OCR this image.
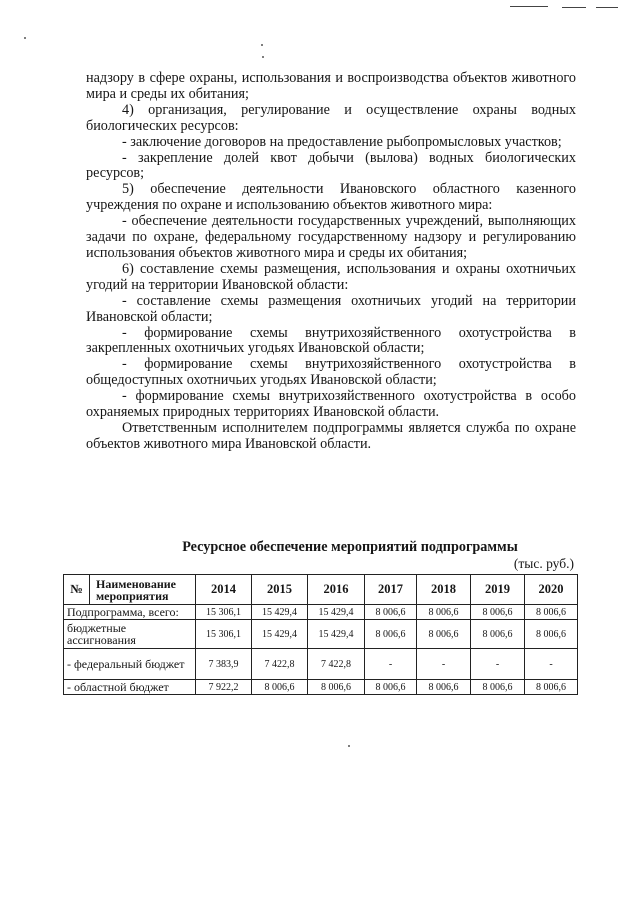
надзору в сфере охраны, использования и воспроизводства объектов животного мира и среды их обитания;

4) организация, регулирование и осуществление охраны водных биологических ресурсов:

- заключение договоров на предоставление рыбопромысловых участков;

- закрепление долей квот добычи (вылова) водных биологических ресурсов;

5) обеспечение деятельности Ивановского областного казенного учреждения по охране и использованию объектов животного мира:

- обеспечение деятельности государственных учреждений, выполняющих задачи по охране, федеральному государственному надзору и регулированию использования объектов животного мира и среды их обитания;

6) составление схемы размещения, использования и охраны охотничьих угодий на территории Ивановской области:

- составление схемы размещения охотничьих угодий на территории Ивановской области;

- формирование схемы внутрихозяйственного охотустройства в закрепленных охотничьих угодьях Ивановской области;

- формирование схемы внутрихозяйственного охотустройства в общедоступных охотничьих угодьях Ивановской области;

- формирование схемы внутрихозяйственного охотустройства в особо охраняемых природных территориях Ивановской области.

Ответственным исполнителем подпрограммы является служба по охране объектов животного мира Ивановской области.

Ресурсное обеспечение мероприятий подпрограммы

(тыс. руб.)
№	Наименование мероприятия	2014	2015	2016	2017	2018	2019	2020
Подпрограмма, всего:		15 306,1	15 429,4	15 429,4	8 006,6	8 006,6	8 006,6	8 006,6
бюджетные ассигнования		15 306,1	15 429,4	15 429,4	8 006,6	8 006,6	8 006,6	8 006,6
- федеральный бюджет		7 383,9	7 422,8	7 422,8	-	-	-	-
- областной бюджет		7 922,2	8 006,6	8 006,6	8 006,6	8 006,6	8 006,6	8 006,6
